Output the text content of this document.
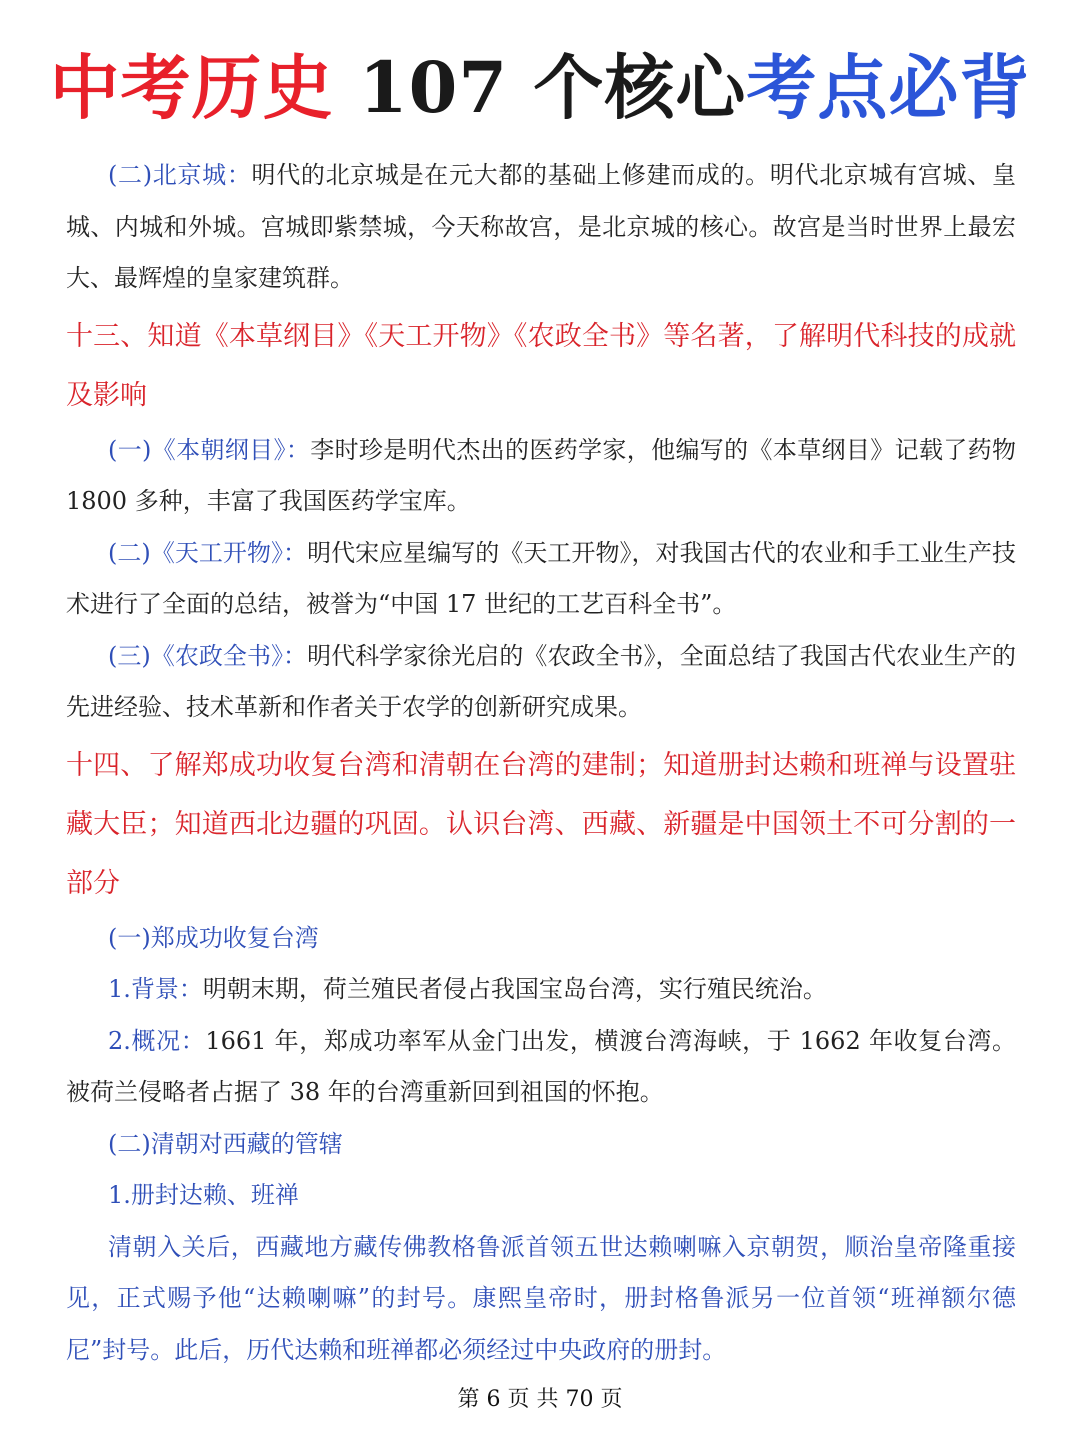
中考历史 107 个核心考点必背

(二)北京城：明代的北京城是在元大都的基础上修建而成的。明代北京城有宫城、皇城、内城和外城。宫城即紫禁城，今天称故宫，是北京城的核心。故宫是当时世界上最宏大、最辉煌的皇家建筑群。

十三、知道《本草纲目》《天工开物》《农政全书》等名著，了解明代科技的成就及影响

(一)《本朝纲目》：李时珍是明代杰出的医药学家，他编写的《本草纲目》记载了药物 1800 多种，丰富了我国医药学宝库。

(二)《天工开物》：明代宋应星编写的《天工开物》，对我国古代的农业和手工业生产技术进行了全面的总结，被誉为“中国 17 世纪的工艺百科全书”。

(三)《农政全书》：明代科学家徐光启的《农政全书》，全面总结了我国古代农业生产的先进经验、技术革新和作者关于农学的创新研究成果。

十四、了解郑成功收复台湾和清朝在台湾的建制；知道册封达赖和班禅与设置驻藏大臣；知道西北边疆的巩固。认识台湾、西藏、新疆是中国领土不可分割的一部分

(一)郑成功收复台湾

1.背景：明朝末期，荷兰殖民者侵占我国宝岛台湾，实行殖民统治。

2.概况：1661 年，郑成功率军从金门出发，横渡台湾海峡，于 1662 年收复台湾。被荷兰侵略者占据了 38 年的台湾重新回到祖国的怀抱。

(二)清朝对西藏的管辖

1.册封达赖、班禅

清朝入关后，西藏地方藏传佛教格鲁派首领五世达赖喇嘛入京朝贺，顺治皇帝隆重接见，正式赐予他“达赖喇嘛”的封号。康熙皇帝时，册封格鲁派另一位首领“班禅额尔德尼”封号。此后，历代达赖和班禅都必须经过中央政府的册封。

第 6 页 共 70 页
